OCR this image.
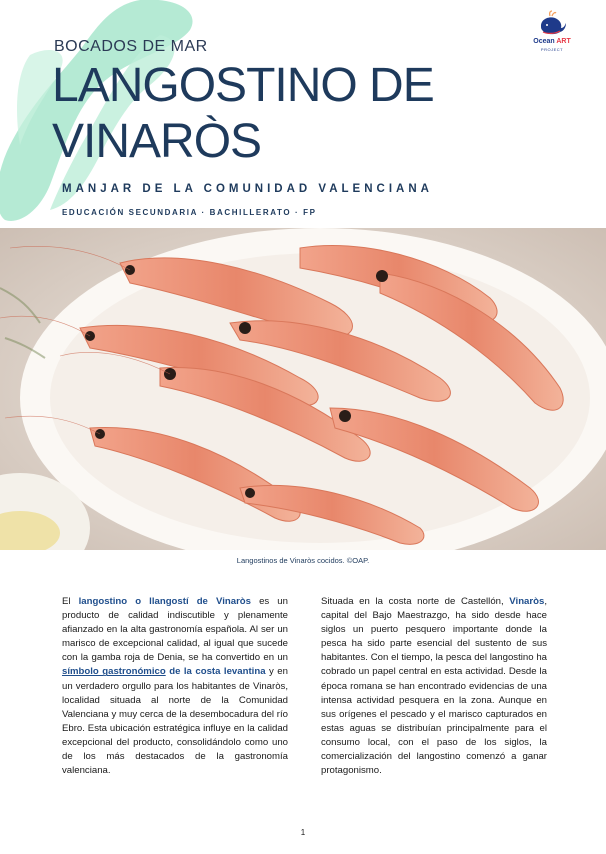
BOCADOS DE MAR
LANGOSTINO DE
VINARÒS
MANJAR DE LA COMUNIDAD VALENCIANA
EDUCACIÓN SECUNDARIA · BACHILLERATO · FP
Ocean ART
PROJECT
Langostinos de Vinaròs cocidos. ©OAP.
El langostino o llangostí de Vinaròs es un producto de calidad indiscutible y plenamente afianzado en la alta gastronomía española. Al ser un marisco de excepcional calidad, al igual que sucede con la gamba roja de Denia, se ha convertido en un símbolo gastronómico de la costa levantina y en un verdadero orgullo para los habitantes de Vinaròs, localidad situada al norte de la Comunidad Valenciana y muy cerca de la desembocadura del río Ebro. Esta ubicación estratégica influye en la calidad excepcional del producto, consolidándolo como uno de los más destacados de la gastronomía valenciana.
Situada en la costa norte de Castellón, Vinaròs, capital del Bajo Maestrazgo, ha sido desde hace siglos un puerto pesquero importante donde la pesca ha sido parte esencial del sustento de sus habitantes. Con el tiempo, la pesca del langostino ha cobrado un papel central en esta actividad. Desde la época romana se han encontrado evidencias de una intensa actividad pesquera en la zona. Aunque en sus orígenes el pescado y el marisco capturados en estas aguas se distribuían principalmente para el consumo local, con el paso de los siglos, la comercialización del langostino comenzó a ganar protagonismo.
1
